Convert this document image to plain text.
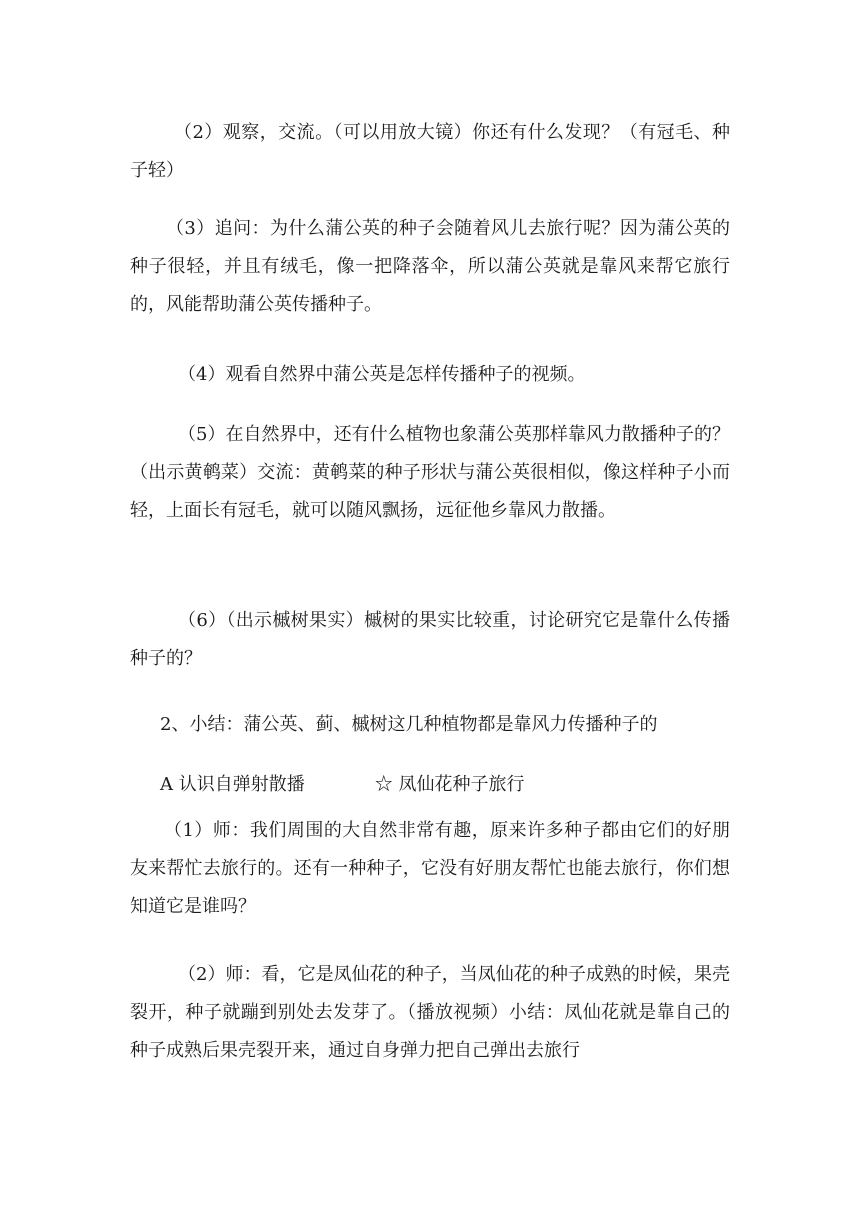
（2）观察，交流。（可以用放大镜）你还有什么发现？（有冠毛、种子轻）

（3）追问：为什么蒲公英的种子会随着风儿去旅行呢？因为蒲公英的种子很轻，并且有绒毛，像一把降落伞，所以蒲公英就是靠风来帮它旅行的，风能帮助蒲公英传播种子。

（4）观看自然界中蒲公英是怎样传播种子的视频。

（5）在自然界中，还有什么植物也象蒲公英那样靠风力散播种子的？（出示黄鹌菜）交流：黄鹌菜的种子形状与蒲公英很相似，像这样种子小而轻，上面长有冠毛，就可以随风飘扬，远征他乡靠风力散播。

（6）（出示槭树果实）槭树的果实比较重，讨论研究它是靠什么传播种子的？

2、小结：蒲公英、蓟、槭树这几种植物都是靠风力传播种子的

A 认识自弹射散播	☆ 凤仙花种子旅行

（1）师：我们周围的大自然非常有趣，原来许多种子都由它们的好朋友来帮忙去旅行的。还有一种种子，它没有好朋友帮忙也能去旅行，你们想知道它是谁吗？

（2）师：看，它是凤仙花的种子，当凤仙花的种子成熟的时候，果壳裂开，种子就蹦到别处去发芽了。（播放视频）小结：凤仙花就是靠自己的种子成熟后果壳裂开来，通过自身弹力把自己弹出去旅行
